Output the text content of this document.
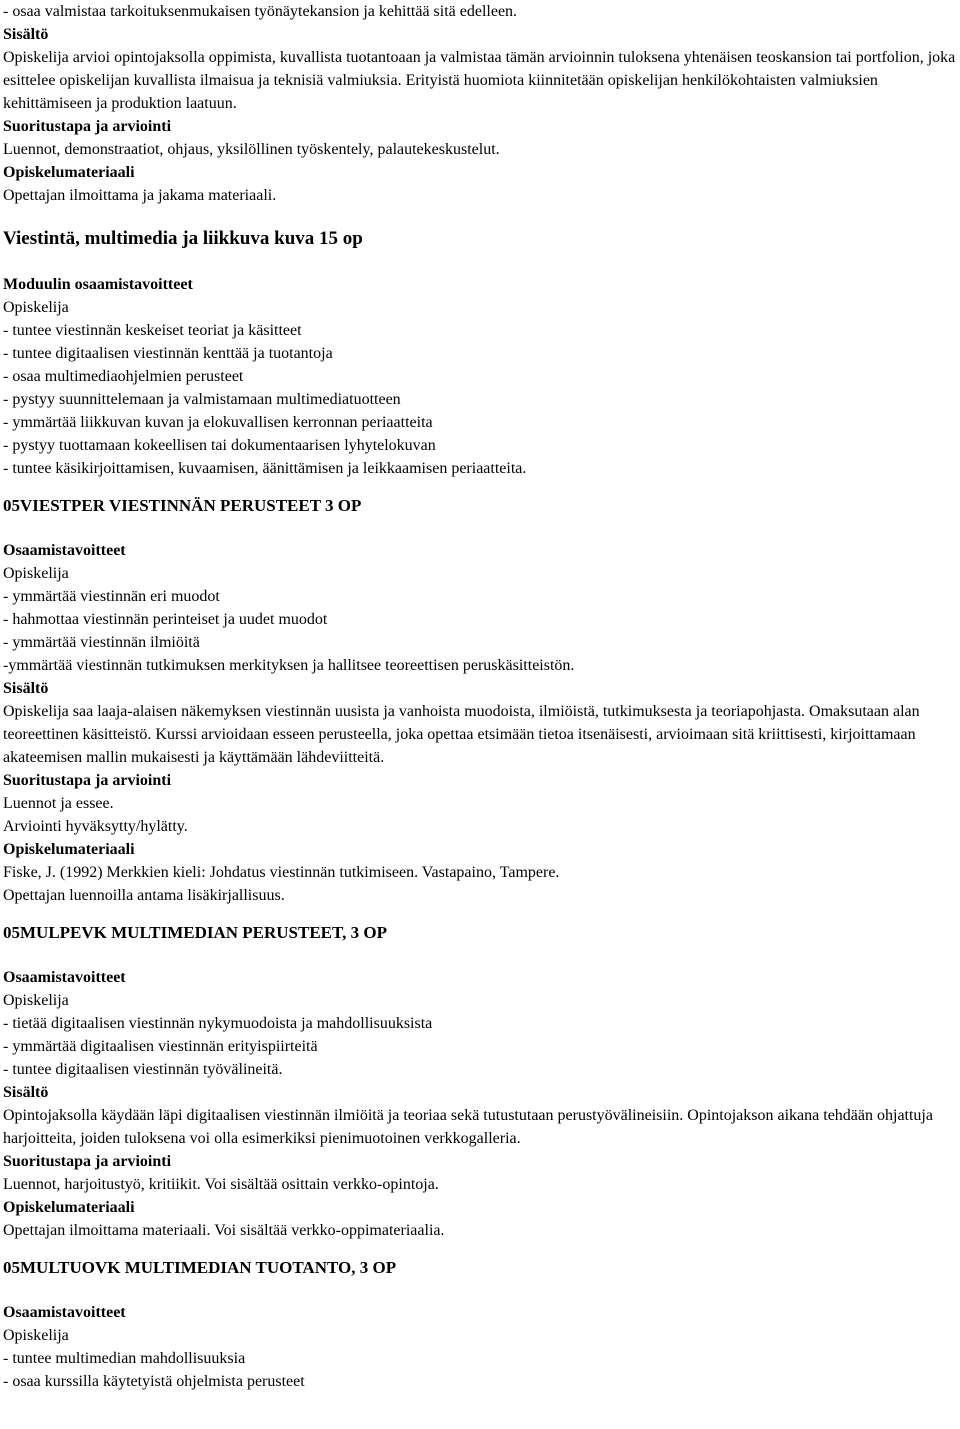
- osaa valmistaa tarkoituksenmukaisen työnäytekansion ja kehittää sitä edelleen.
Sisältö
Opiskelija arvioi opintojaksolla oppimista, kuvallista tuotantoaan ja valmistaa tämän arvioinnin tuloksena yhtenäisen teoskansion tai portfolion, joka esittelee opiskelijan kuvallista ilmaisua ja teknisiä valmiuksia. Erityistä huomiota kiinnitetään opiskelijan henkilökohtaisten valmiuksien kehittämiseen ja produktion laatuun.
Suoritustapa ja arviointi
Luennot, demonstraatiot, ohjaus, yksilöllinen työskentely, palautekeskustelut.
Opiskelumateriaali
Opettajan ilmoittama ja jakama materiaali.
Viestintä, multimedia ja liikkuva kuva 15 op
Moduulin osaamistavoitteet
Opiskelija
- tuntee viestinnän keskeiset teoriat ja käsitteet
- tuntee digitaalisen viestinnän kenttää ja tuotantoja
- osaa multimediaohjelmien perusteet
- pystyy suunnittelemaan ja valmistamaan multimediatuotteen
- ymmärtää liikkuvan kuvan ja elokuvallisen kerronnan periaatteita
- pystyy tuottamaan kokeellisen tai dokumentaarisen lyhytelokuvan
- tuntee käsikirjoittamisen, kuvaamisen, äänittämisen ja leikkaamisen periaatteita.
05VIESTPER VIESTINNÄN PERUSTEET 3 OP
Osaamistavoitteet
Opiskelija
- ymmärtää viestinnän eri muodot
- hahmottaa viestinnän perinteiset ja uudet muodot
- ymmärtää viestinnän ilmiöitä
-ymmärtää viestinnän tutkimuksen merkityksen ja hallitsee teoreettisen peruskäsitteistön.
Sisältö
Opiskelija saa laaja-alaisen näkemyksen viestinnän uusista ja vanhoista muodoista, ilmiöistä, tutkimuksesta ja teoriapohjasta. Omaksutaan alan teoreettinen käsitteistö. Kurssi arvioidaan esseen perusteella, joka opettaa etsimään tietoa itsenäisesti, arvioimaan sitä kriittisesti, kirjoittamaan akateemisen mallin mukaisesti ja käyttämään lähdeviitteitä.
Suoritustapa ja arviointi
Luennot ja essee.
Arviointi hyväksytty/hylätty.
Opiskelumateriaali
Fiske, J. (1992) Merkkien kieli: Johdatus viestinnän tutkimiseen. Vastapaino, Tampere.
Opettajan luennoilla antama lisäkirjallisuus.
05MULPEVK MULTIMEDIAN PERUSTEET, 3 OP
Osaamistavoitteet
Opiskelija
- tietää digitaalisen viestinnän nykymuodoista ja mahdollisuuksista
- ymmärtää digitaalisen viestinnän erityispiirteitä
- tuntee digitaalisen viestinnän työvälineitä.
Sisältö
Opintojaksolla käydään läpi digitaalisen viestinnän ilmiöitä ja teoriaa sekä tutustutaan perustyövälineisiin. Opintojakson aikana tehdään ohjattuja harjoitteita, joiden tuloksena voi olla esimerkiksi pienimuotoinen verkkogalleria.
Suoritustapa ja arviointi
Luennot, harjoitustyö, kritiikit. Voi sisältää osittain verkko-opintoja.
Opiskelumateriaali
Opettajan ilmoittama materiaali. Voi sisältää verkko-oppimateriaalia.
05MULTUOVK MULTIMEDIAN TUOTANTO, 3 OP
Osaamistavoitteet
Opiskelija
- tuntee multimedian mahdollisuuksia
- osaa kurssilla käytetyistä ohjelmista perusteet
